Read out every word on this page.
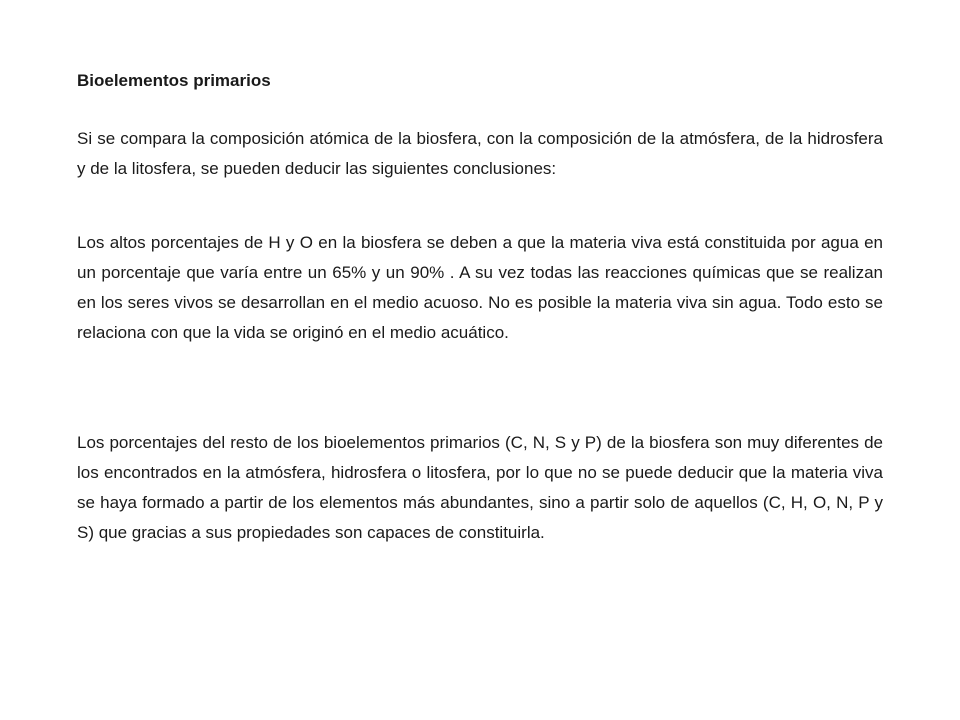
Bioelementos primarios

Si se compara la composición atómica de la biosfera, con la composición de la atmósfera, de la hidrosfera y de la litosfera, se pueden deducir las siguientes conclusiones:

Los altos porcentajes de H y O en la biosfera se deben a que la materia viva está constituida por agua en un porcentaje que varía entre un 65% y un 90% . A su vez todas las reacciones químicas que se realizan en los seres vivos se desarrollan en el medio acuoso. No es posible la materia viva sin agua. Todo esto se relaciona con que la vida se originó en el medio acuático.

Los porcentajes del resto de los bioelementos primarios (C, N, S y P) de la biosfera son muy diferentes de los encontrados en la atmósfera, hidrosfera o litosfera, por lo que no se puede deducir que la materia viva se haya formado a partir de los elementos más abundantes, sino a partir solo de aquellos (C, H, O, N, P y S) que gracias a sus propiedades son capaces de constituirla.
